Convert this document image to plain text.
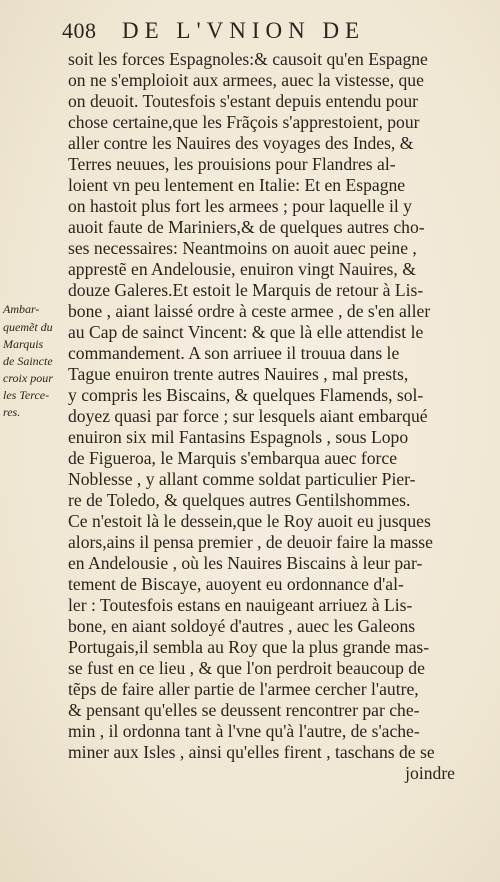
408 DE L'VNION DE
Ambar-
quemẽt du
Marquis
de Saincte
croix pour
les Terce-
res.
soit les forces Espagnoles:& causoit qu'en Espagne
on ne s'emploioit aux armees, auec la vistesse, que
on deuoit. Toutesfois s'estant depuis entendu pour
chose certaine,que les Frãçois s'apprestoient, pour
aller contre les Nauires des voyages des Indes, &
Terres neuues, les prouisions pour Flandres al-
loient vn peu lentement en Italie: Et en Espagne
on hastoit plus fort les armees ; pour laquelle il y
auoit faute de Mariniers,& de quelques autres cho-
ses necessaires: Neantmoins on auoit auec peine ,
apprestẽ en Andelousie, enuiron vingt Nauires, &
douze Galeres.Et estoit le Marquis de retour à Lis-
bone , aiant laissé ordre à ceste armee , de s'en aller
au Cap de sainct Vincent: & que là elle attendist le
commandement. A son arriuee il trouua dans le
Tague enuiron trente autres Nauires , mal prests,
y compris les Biscains, & quelques Flamends, sol-
doyez quasi par force ; sur lesquels aiant embarqué
enuiron six mil Fantasins Espagnols , sous Lopo
de Figueroa, le Marquis s'embarqua auec force
Noblesse , y allant comme soldat particulier Pier-
re de Toledo, & quelques autres Gentilshommes.
Ce n'estoit là le dessein,que le Roy auoit eu jusques
alors,ains il pensa premier , de deuoir faire la masse
en Andelousie , où les Nauires Biscains à leur par-
tement de Biscaye, auoyent eu ordonnance d'al-
ler : Toutesfois estans en nauigeant arriuez à Lis-
bone, en aiant soldoyé d'autres , auec les Galeons
Portugais,il sembla au Roy que la plus grande mas-
se fust en ce lieu , & que l'on perdroit beaucoup de
tẽps de faire aller partie de l'armee cercher l'autre,
& pensant qu'elles se deussent rencontrer par che-
min , il ordonna tant à l'vne qu'à l'autre, de s'ache-
miner aux Isles , ainsi qu'elles firent , taschans de se
joindre
